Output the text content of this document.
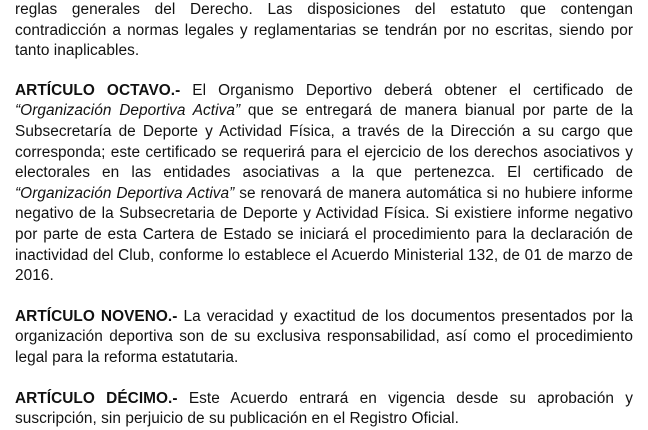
reglas generales del Derecho. Las disposiciones del estatuto que contengan contradicción a normas legales y reglamentarias se tendrán por no escritas, siendo por tanto inaplicables.

ARTÍCULO OCTAVO.- El Organismo Deportivo deberá obtener el certificado de “Organización Deportiva Activa” que se entregará de manera bianual por parte de la Subsecretaría de Deporte y Actividad Física, a través de la Dirección a su cargo que corresponda; este certificado se requerirá para el ejercicio de los derechos asociativos y electorales en las entidades asociativas a la que pertenezca. El certificado de “Organización Deportiva Activa” se renovará de manera automática si no hubiere informe negativo de la Subsecretaria de Deporte y Actividad Física. Si existiere informe negativo por parte de esta Cartera de Estado se iniciará el procedimiento para la declaración de inactividad del Club, conforme lo establece el Acuerdo Ministerial 132, de 01 de marzo de 2016.

ARTÍCULO NOVENO.- La veracidad y exactitud de los documentos presentados por la organización deportiva son de su exclusiva responsabilidad, así como el procedimiento legal para la reforma estatutaria.

ARTÍCULO DÉCIMO.- Este Acuerdo entrará en vigencia desde su aprobación y suscripción, sin perjuicio de su publicación en el Registro Oficial.
